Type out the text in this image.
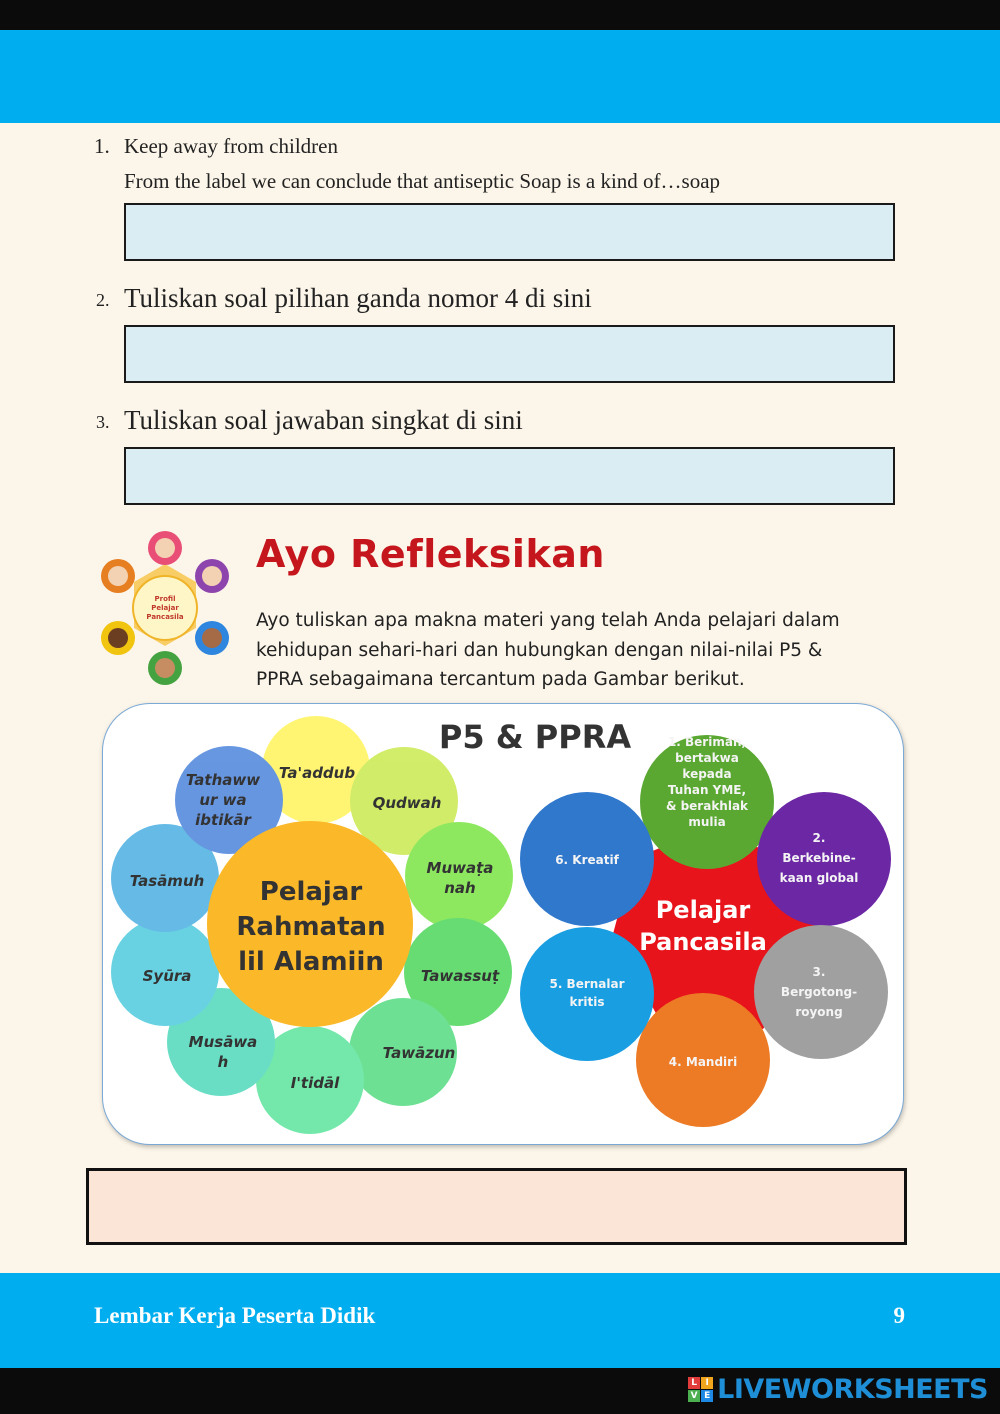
1. Keep away from children
From the label we can conclude that antiseptic Soap is a kind of…soap
2. Tuliskan soal pilihan ganda nomor 4 di sini
3. Tuliskan soal jawaban singkat di sini
Profil
Pelajar
Pancasila
Ayo Refleksikan
Ayo tuliskan apa makna materi yang telah Anda pelajari dalam
kehidupan sehari-hari dan hubungkan dengan nilai-nilai P5 &
PPRA sebagaimana tercantum pada Gambar berikut.
P5 & PPRA
Pelajar
Rahmatan
lil Alamiin
Ta'addub
Qudwah
Muwaṭa
nah
Tawassuṭ
Tawāzun
I'tidāl
Musāwa
h
Syūra
Tasāmuh
Tathaww
ur wa
ibtikār
Pelajar
Pancasila
1. Beriman,
bertakwa
kepada
Tuhan YME,
& berakhlak
mulia
2.
Berkebine-
kaan global
3.
Bergotong-
royong
4. Mandiri
5. Bernalar
kritis
6. Kreatif
Lembar Kerja Peserta Didik	9
L I
V E LIVEWORKSHEETS
